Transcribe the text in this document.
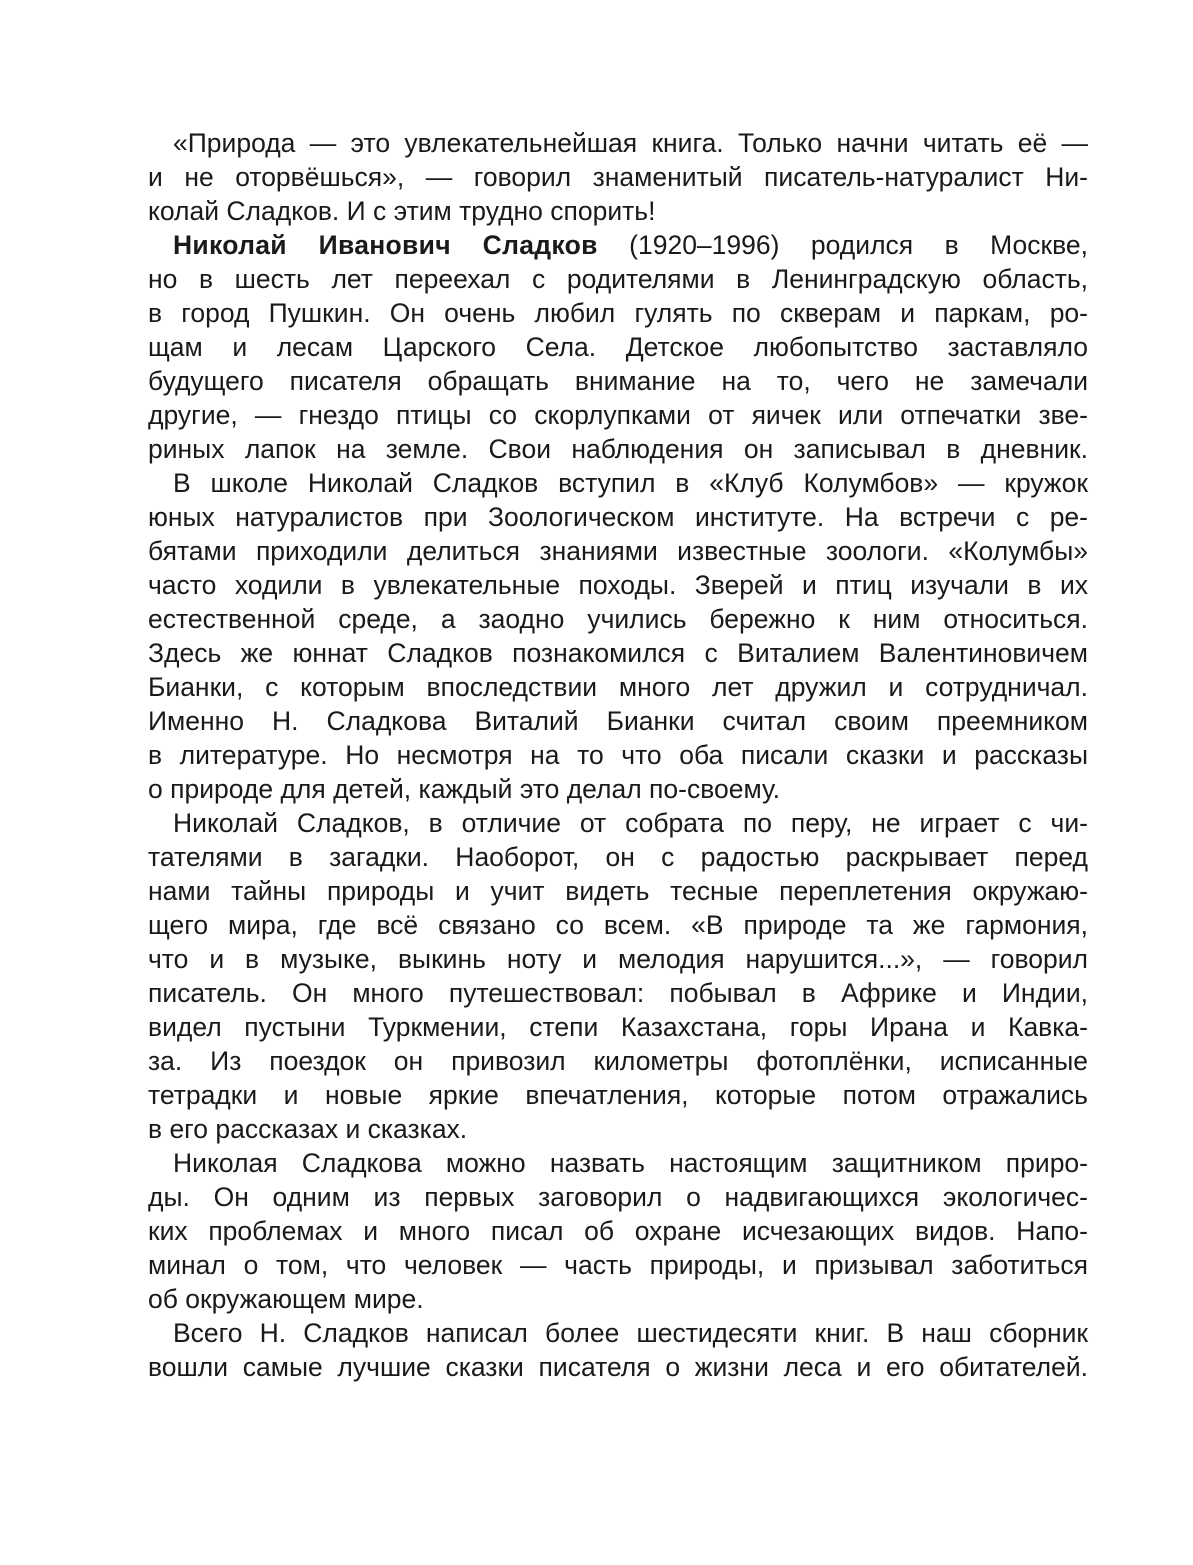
«Природа — это увлекательнейшая книга. Только начни читать её —
и не оторвёшься», — говорил знаменитый писатель-натуралист Ни-
колай Сладков. И с этим трудно спорить!
Николай Иванович Сладков (1920–1996) родился в Москве,
но в шесть лет переехал с родителями в Ленинградскую область,
в город Пушкин. Он очень любил гулять по скверам и паркам, ро-
щам и лесам Царского Села. Детское любопытство заставляло
будущего писателя обращать внимание на то, чего не замечали
другие, — гнездо птицы со скорлупками от яичек или отпечатки зве-
риных лапок на земле. Свои наблюдения он записывал в дневник.
В школе Николай Сладков вступил в «Клуб Колумбов» — кружок
юных натуралистов при Зоологическом институте. На встречи с ре-
бятами приходили делиться знаниями известные зоологи. «Колумбы»
часто ходили в увлекательные походы. Зверей и птиц изучали в их
естественной среде, а заодно учились бережно к ним относиться.
Здесь же юннат Сладков познакомился с Виталием Валентиновичем
Бианки, с которым впоследствии много лет дружил и сотрудничал.
Именно Н. Сладкова Виталий Бианки считал своим преемником
в литературе. Но несмотря на то что оба писали сказки и рассказы
о природе для детей, каждый это делал по-своему.
Николай Сладков, в отличие от собрата по перу, не играет с чи-
тателями в загадки. Наоборот, он с радостью раскрывает перед
нами тайны природы и учит видеть тесные переплетения окружаю-
щего мира, где всё связано со всем. «В природе та же гармония,
что и в музыке, выкинь ноту и мелодия нарушится...», — говорил
писатель. Он много путешествовал: побывал в Африке и Индии,
видел пустыни Туркмении, степи Казахстана, горы Ирана и Кавка-
за. Из поездок он привозил километры фотоплёнки, исписанные
тетрадки и новые яркие впечатления, которые потом отражались
в его рассказах и сказках.
Николая Сладкова можно назвать настоящим защитником приро-
ды. Он одним из первых заговорил о надвигающихся экологичес-
ких проблемах и много писал об охране исчезающих видов. Напо-
минал о том, что человек — часть природы, и призывал заботиться
об окружающем мире.
Всего Н. Сладков написал более шестидесяти книг. В наш сборник
вошли самые лучшие сказки писателя о жизни леса и его обитателей.
